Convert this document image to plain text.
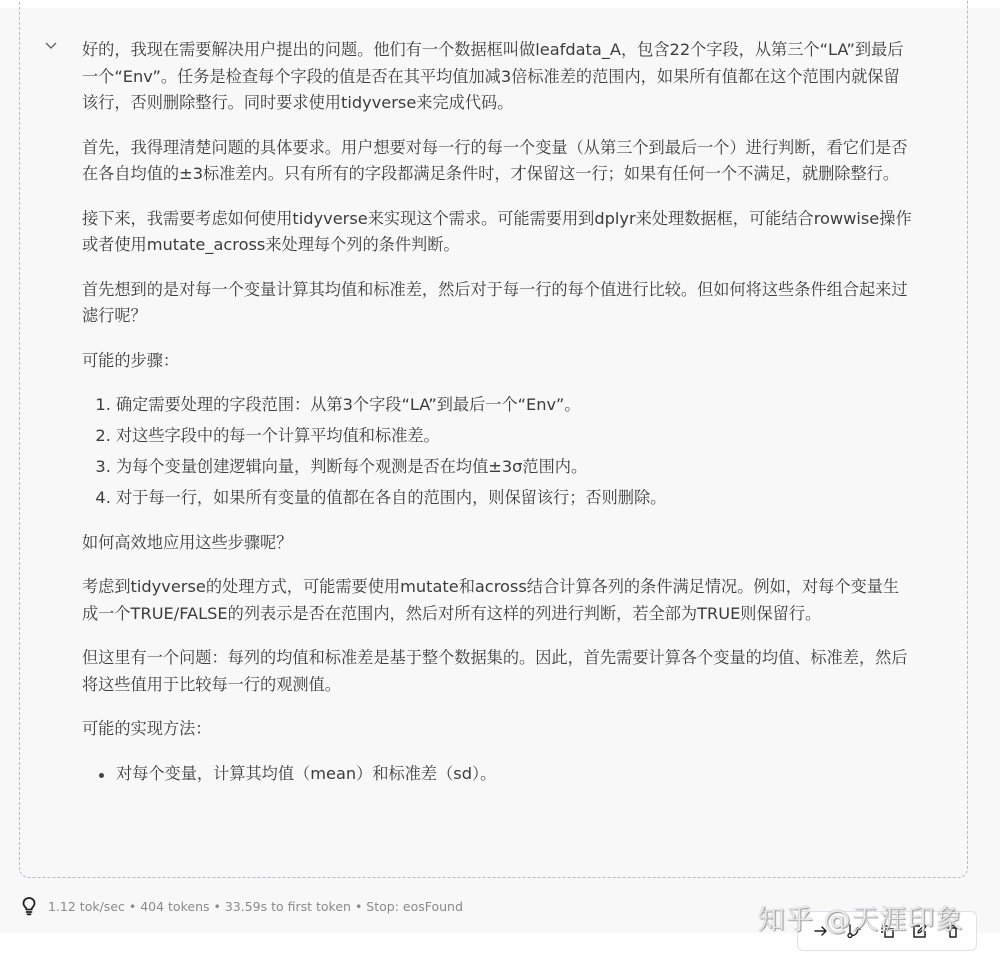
好的，我现在需要解决用户提出的问题。他们有一个数据框叫做leafdata_A，包含22个字段，从第三个“LA”到最后一个“Env”。任务是检查每个字段的值是否在其平均值加减3倍标准差的范围内，如果所有值都在这个范围内就保留该行，否则删除整行。同时要求使用tidyverse来完成代码。

首先，我得理清楚问题的具体要求。用户想要对每一行的每一个变量（从第三个到最后一个）进行判断，看它们是否在各自均值的±3标准差内。只有所有的字段都满足条件时，才保留这一行；如果有任何一个不满足，就删除整行。

接下来，我需要考虑如何使用tidyverse来实现这个需求。可能需要用到dplyr来处理数据框，可能结合rowwise操作或者使用mutate_across来处理每个列的条件判断。

首先想到的是对每一个变量计算其均值和标准差，然后对于每一行的每个值进行比较。但如何将这些条件组合起来过滤行呢？

可能的步骤：

1. 确定需要处理的字段范围：从第3个字段“LA”到最后一个“Env”。
2. 对这些字段中的每一个计算平均值和标准差。
3. 为每个变量创建逻辑向量，判断每个观测是否在均值±3σ范围内。
4. 对于每一行，如果所有变量的值都在各自的范围内，则保留该行；否则删除。

如何高效地应用这些步骤呢？

考虑到tidyverse的处理方式，可能需要使用mutate和across结合计算各列的条件满足情况。例如，对每个变量生成一个TRUE/FALSE的列表示是否在范围内，然后对所有这样的列进行判断，若全部为TRUE则保留行。

但这里有一个问题：每列的均值和标准差是基于整个数据集的。因此，首先需要计算各个变量的均值、标准差，然后将这些值用于比较每一行的观测值。

可能的实现方法：

对每个变量，计算其均值（mean）和标准差（sd）。
1.12 tok/sec • 404 tokens • 33.59s to first token • Stop: eosFound	知乎 @天涯印象
